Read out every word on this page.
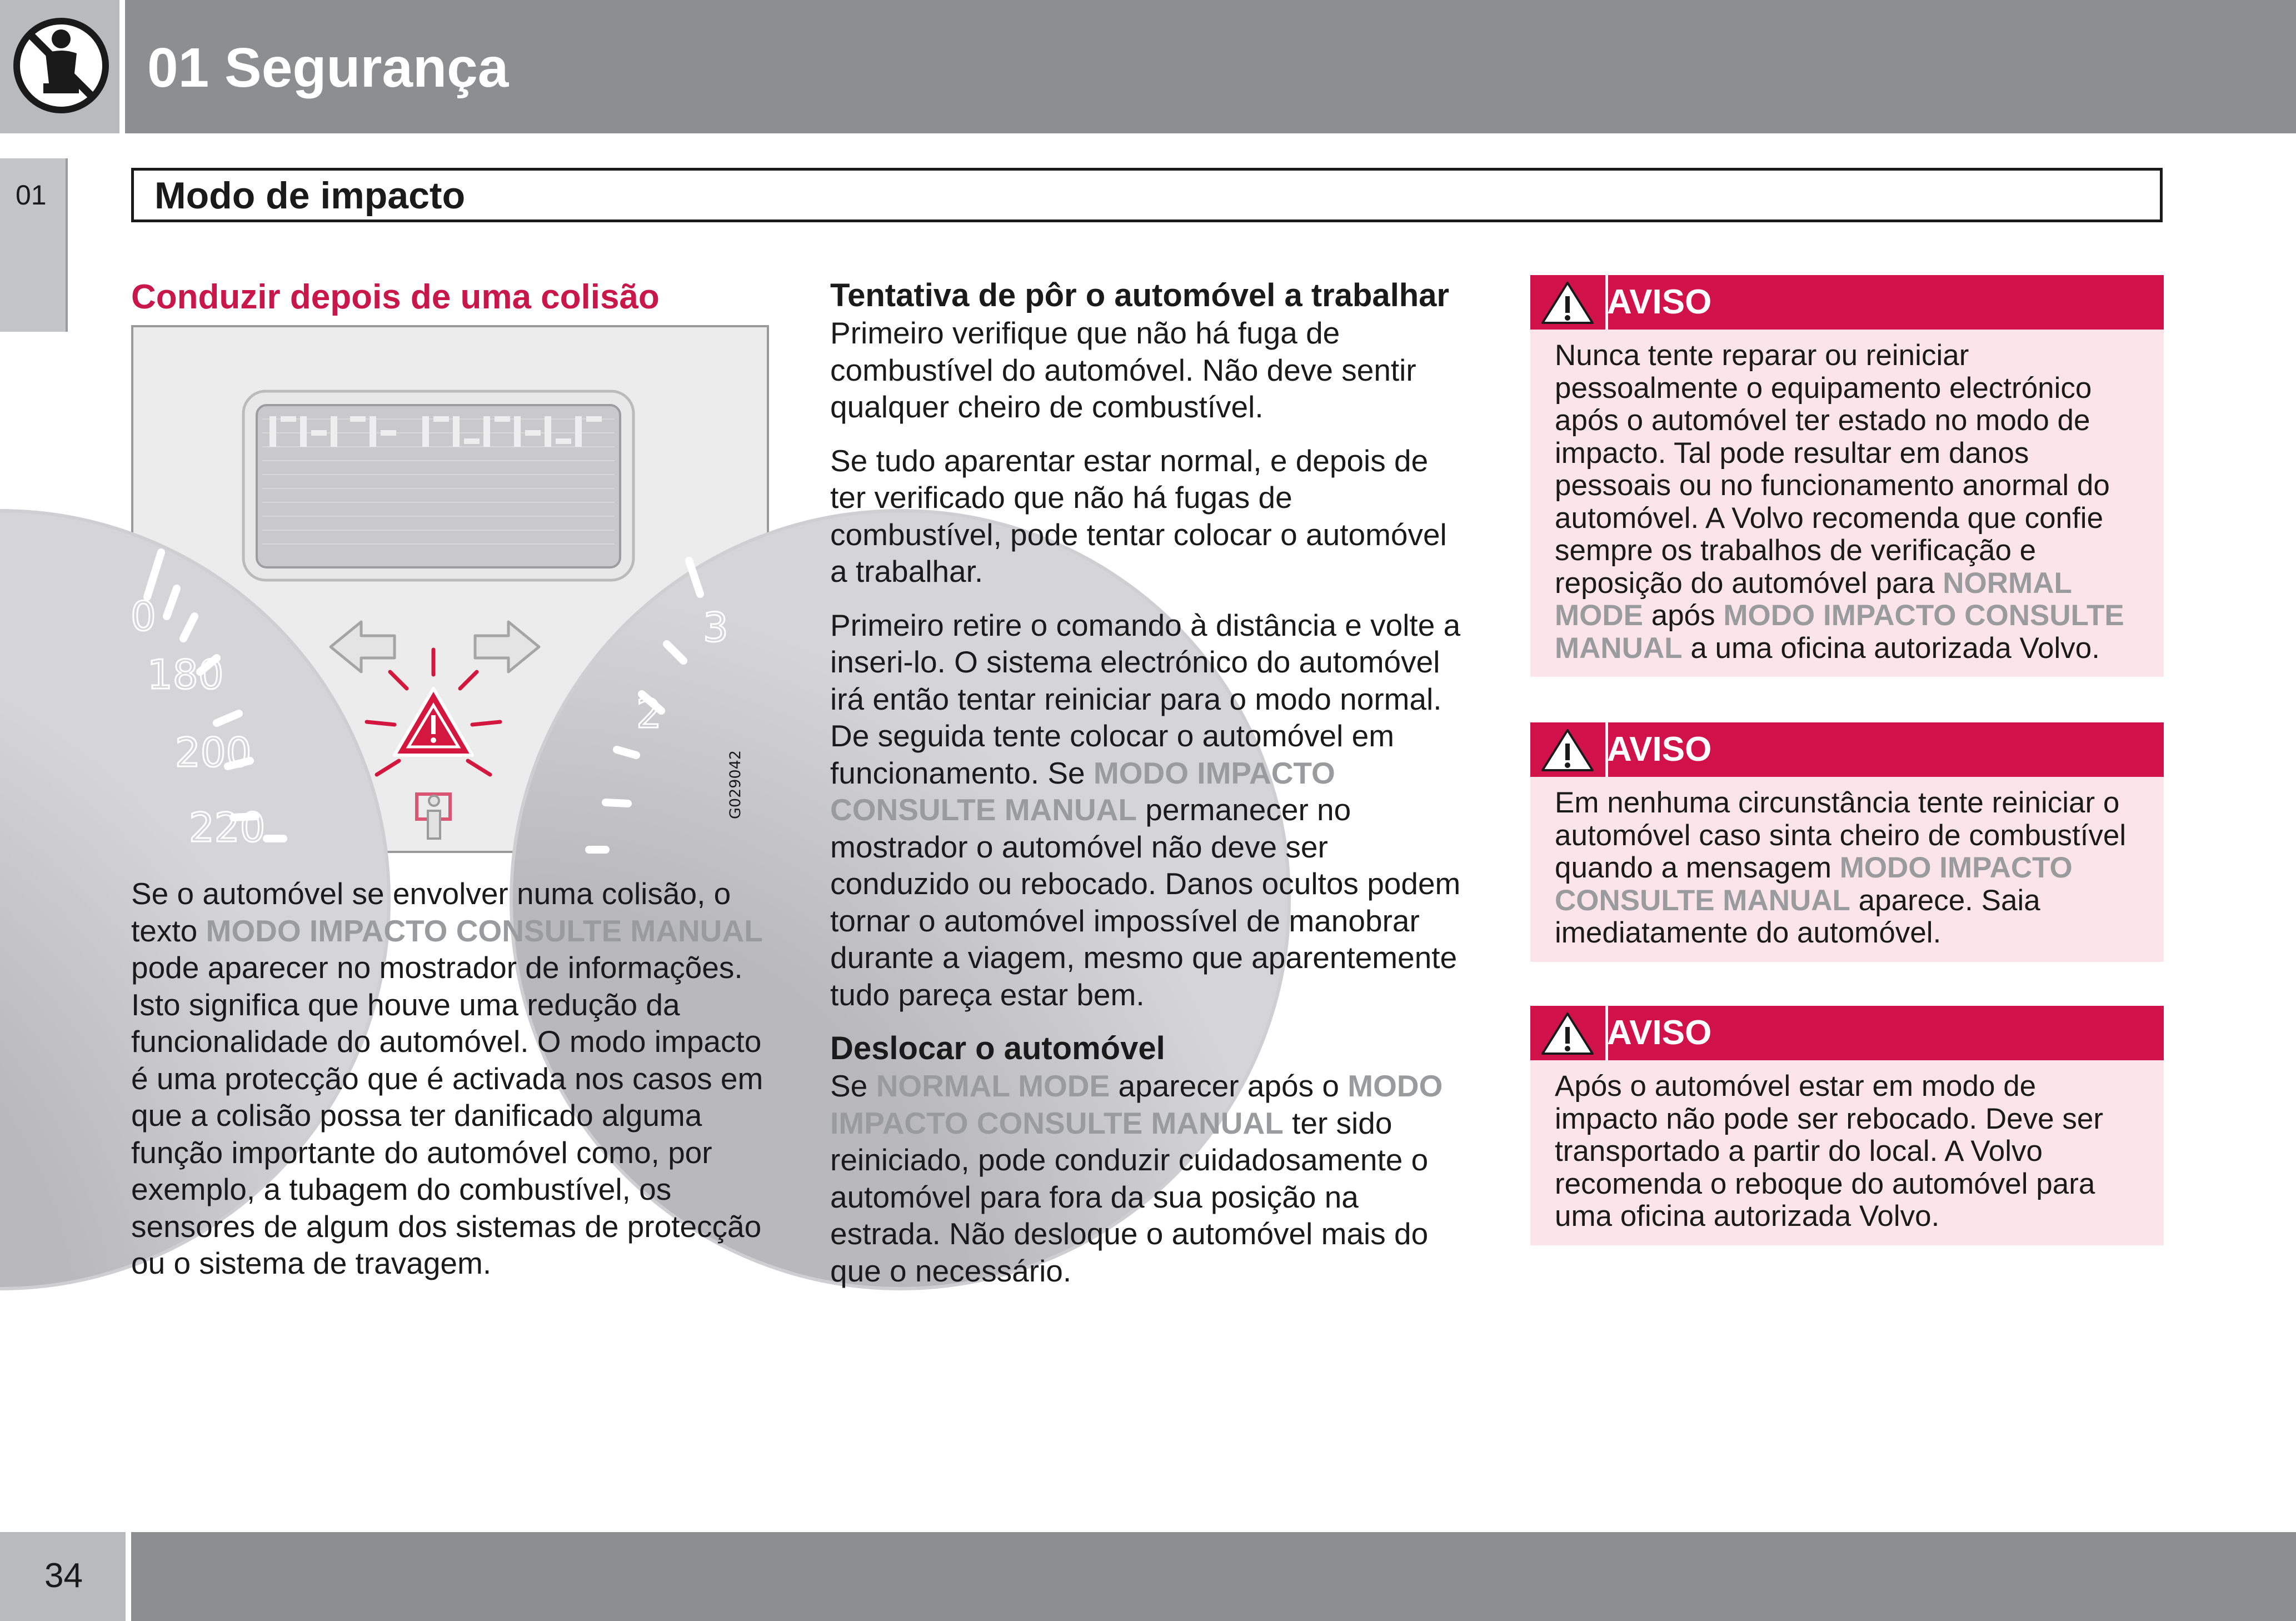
01 Segurança
01	Modo de impacto
Conduzir depois de uma colisão
0
180
200
220
3
2
G029042

Se o automóvel se envolver numa colisão, o texto MODO IMPACTO CONSULTE MANUAL pode aparecer no mostrador de informações. Isto significa que houve uma redução da funcionalidade do automóvel. O modo impacto é uma protecção que é activada nos casos em que a colisão possa ter danificado alguma função importante do automóvel como, por exemplo, a tubagem do combustível, os sensores de algum dos sistemas de protecção ou o sistema de travagem.

Tentativa de pôr o automóvel a trabalhar

Primeiro verifique que não há fuga de combustível do automóvel. Não deve sentir qualquer cheiro de combustível.

Se tudo aparentar estar normal, e depois de ter verificado que não há fugas de combustível, pode tentar colocar o automóvel a trabalhar.

Primeiro retire o comando à distância e volte a inseri-lo. O sistema electrónico do automóvel irá então tentar reiniciar para o modo normal. De seguida tente colocar o automóvel em funcionamento. Se MODO IMPACTO CONSULTE MANUAL permanecer no mostrador o automóvel não deve ser conduzido ou rebocado. Danos ocultos podem tornar o automóvel impossível de manobrar durante a viagem, mesmo que aparentemente tudo pareça estar bem.

Deslocar o automóvel

Se NORMAL MODE aparecer após o MODO IMPACTO CONSULTE MANUAL ter sido reiniciado, pode conduzir cuidadosamente o automóvel para fora da sua posição na estrada. Não desloque o automóvel mais do que o necessário.

AVISO

Nunca tente reparar ou reiniciar pessoalmente o equipamento electrónico após o automóvel ter estado no modo de impacto. Tal pode resultar em danos pessoais ou no funcionamento anormal do automóvel. A Volvo recomenda que confie sempre os trabalhos de verificação e reposição do automóvel para NORMAL MODE após MODO IMPACTO CONSULTE MANUAL a uma oficina autorizada Volvo.

AVISO

Em nenhuma circunstância tente reiniciar o automóvel caso sinta cheiro de combustível quando a mensagem MODO IMPACTO CONSULTE MANUAL aparece. Saia imediatamente do automóvel.

AVISO

Após o automóvel estar em modo de impacto não pode ser rebocado. Deve ser transportado a partir do local. A Volvo recomenda o reboque do automóvel para uma oficina autorizada Volvo.

34
